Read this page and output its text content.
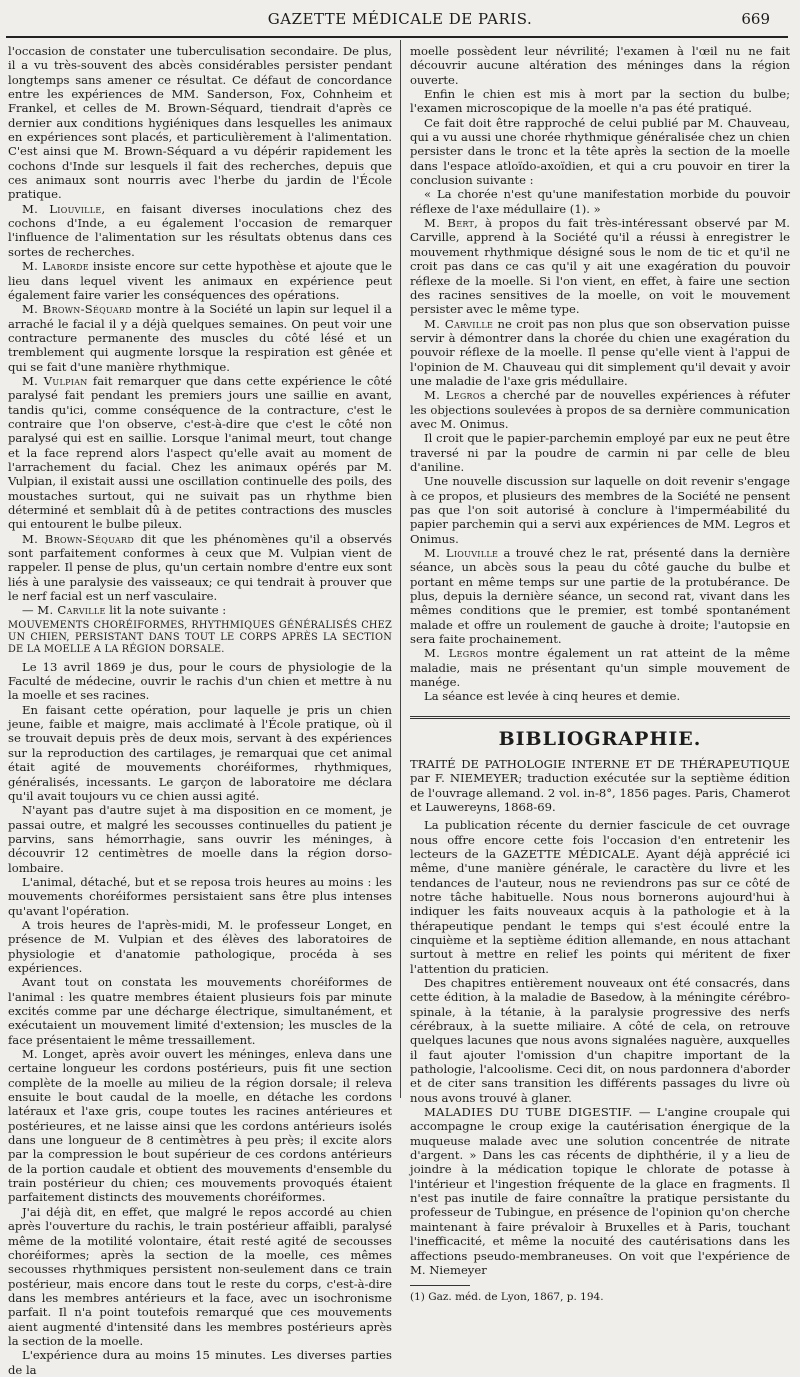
GAZETTE MÉDICALE DE PARIS.	669

l'occasion de constater une tuberculisation secondaire. De plus, il a vu très-souvent des abcès considérables persister pendant longtemps sans amener ce résultat. Ce défaut de concordance entre les expériences de MM. Sanderson, Fox, Cohnheim et Frankel, et celles de M. Brown-Séquard, tiendrait d'après ce dernier aux conditions hygiéniques dans lesquelles les animaux en expériences sont placés, et particulièrement à l'alimentation. C'est ainsi que M. Brown-Séquard a vu dépérir rapidement les cochons d'Inde sur lesquels il fait des recherches, depuis que ces animaux sont nourris avec l'herbe du jardin de l'École pratique.

M. Liouville, en faisant diverses inoculations chez des cochons d'Inde, a eu également l'occasion de remarquer l'influence de l'alimentation sur les résultats obtenus dans ces sortes de recherches.

M. Laborde insiste encore sur cette hypothèse et ajoute que le lieu dans lequel vivent les animaux en expérience peut également faire varier les conséquences des opérations.

M. Brown-Séquard montre à la Société un lapin sur lequel il a arraché le facial il y a déjà quelques semaines. On peut voir une contracture permanente des muscles du côté lésé et un tremblement qui augmente lorsque la respiration est gênée et qui se fait d'une manière rhythmique.

M. Vulpian fait remarquer que dans cette expérience le côté paralysé fait pendant les premiers jours une saillie en avant, tandis qu'ici, comme conséquence de la contracture, c'est le contraire que l'on observe, c'est-à-dire que c'est le côté non paralysé qui est en saillie. Lorsque l'animal meurt, tout change et la face reprend alors l'aspect qu'elle avait au moment de l'arrachement du facial. Chez les animaux opérés par M. Vulpian, il existait aussi une oscillation continuelle des poils, des moustaches surtout, qui ne suivait pas un rhythme bien déterminé et semblait dû à de petites contractions des muscles qui entourent le bulbe pileux.

M. Brown-Séquard dit que les phénomènes qu'il a observés sont parfaitement conformes à ceux que M. Vulpian vient de rappeler. Il pense de plus, qu'un certain nombre d'entre eux sont liés à une paralysie des vaisseaux; ce qui tendrait à prouver que le nerf facial est un nerf vasculaire.

— M. Carville lit la note suivante :

MOUVEMENTS CHORÉIFORMES, RHYTHMIQUES GÉNÉRALISÉS CHEZ UN CHIEN, PERSISTANT DANS TOUT LE CORPS APRÈS LA SECTION DE LA MOELLE A LA RÉGION DORSALE.

Le 13 avril 1869 je dus, pour le cours de physiologie de la Faculté de médecine, ouvrir le rachis d'un chien et mettre à nu la moelle et ses racines.

En faisant cette opération, pour laquelle je pris un chien jeune, faible et maigre, mais acclimaté à l'École pratique, où il se trouvait depuis près de deux mois, servant à des expériences sur la reproduction des cartilages, je remarquai que cet animal était agité de mouvements choréiformes, rhythmiques, généralisés, incessants. Le garçon de laboratoire me déclara qu'il avait toujours vu ce chien aussi agité.

N'ayant pas d'autre sujet à ma disposition en ce moment, je passai outre, et malgré les secousses continuelles du patient je parvins, sans hémorrhagie, sans ouvrir les méninges, à découvrir 12 centimètres de moelle dans la région dorso-lombaire.

L'animal, détaché, but et se reposa trois heures au moins : les mouvements choréiformes persistaient sans être plus intenses qu'avant l'opération.

A trois heures de l'après-midi, M. le professeur Longet, en présence de M. Vulpian et des élèves des laboratoires de physiologie et d'anatomie pathologique, procéda à ses expériences.

Avant tout on constata les mouvements choréiformes de l'animal : les quatre membres étaient plusieurs fois par minute excités comme par une décharge électrique, simultanément, et exécutaient un mouvement limité d'extension; les muscles de la face présentaient le même tressaillement.

M. Longet, après avoir ouvert les méninges, enleva dans une certaine longueur les cordons postérieurs, puis fit une section complète de la moelle au milieu de la région dorsale; il releva ensuite le bout caudal de la moelle, en détache les cordons latéraux et l'axe gris, coupe toutes les racines antérieures et postérieures, et ne laisse ainsi que les cordons antérieurs isolés dans une longueur de 8 centimètres à peu près; il excite alors par la compression le bout supérieur de ces cordons antérieurs de la portion caudale et obtient des mouvements d'ensemble du train postérieur du chien; ces mouvements provoqués étaient parfaitement distincts des mouvements choréiformes.

J'ai déjà dit, en effet, que malgré le repos accordé au chien après l'ouverture du rachis, le train postérieur affaibli, paralysé même de la motilité volontaire, était resté agité de secousses choréiformes; après la section de la moelle, ces mêmes secousses rhythmiques persistent non-seulement dans ce train postérieur, mais encore dans tout le reste du corps, c'est-à-dire dans les membres antérieurs et la face, avec un isochronisme parfait. Il n'a point toutefois remarqué que ces mouvements aient augmenté d'intensité dans les membres postérieurs après la section de la moelle.

L'expérience dura au moins 15 minutes. Les diverses parties de la

moelle possèdent leur névrilité; l'examen à l'œil nu ne fait découvrir aucune altération des méninges dans la région ouverte.

Enfin le chien est mis à mort par la section du bulbe; l'examen microscopique de la moelle n'a pas été pratiqué.

Ce fait doit être rapproché de celui publié par M. Chauveau, qui a vu aussi une chorée rhythmique généralisée chez un chien persister dans le tronc et la tête après la section de la moelle dans l'espace atloïdo-axoïdien, et qui a cru pouvoir en tirer la conclusion suivante :

« La chorée n'est qu'une manifestation morbide du pouvoir réflexe de l'axe médullaire (1). »

M. Bert, à propos du fait très-intéressant observé par M. Carville, apprend à la Société qu'il a réussi à enregistrer le mouvement rhythmique désigné sous le nom de tic et qu'il ne croit pas dans ce cas qu'il y ait une exagération du pouvoir réflexe de la moelle. Si l'on vient, en effet, à faire une section des racines sensitives de la moelle, on voit le mouvement persister avec le même type.

M. Carville ne croit pas non plus que son observation puisse servir à démontrer dans la chorée du chien une exagération du pouvoir réflexe de la moelle. Il pense qu'elle vient à l'appui de l'opinion de M. Chauveau qui dit simplement qu'il devait y avoir une maladie de l'axe gris médullaire.

M. Legros a cherché par de nouvelles expériences à réfuter les objections soulevées à propos de sa dernière communication avec M. Onimus.

Il croit que le papier-parchemin employé par eux ne peut être traversé ni par la poudre de carmin ni par celle de bleu d'aniline.

Une nouvelle discussion sur laquelle on doit revenir s'engage à ce propos, et plusieurs des membres de la Société ne pensent pas que l'on soit autorisé à conclure à l'imperméabilité du papier parchemin qui a servi aux expériences de MM. Legros et Onimus.

M. Liouville a trouvé chez le rat, présenté dans la dernière séance, un abcès sous la peau du côté gauche du bulbe et portant en même temps sur une partie de la protubérance. De plus, depuis la dernière séance, un second rat, vivant dans les mêmes conditions que le premier, est tombé spontanément malade et offre un roulement de gauche à droite; l'autopsie en sera faite prochainement.

M. Legros montre également un rat atteint de la même maladie, mais ne présentant qu'un simple mouvement de manége.

La séance est levée à cinq heures et demie.

BIBLIOGRAPHIE.

TRAITÉ DE PATHOLOGIE INTERNE ET DE THÉRAPEUTIQUE par F. NIEMEYER; traduction exécutée sur la septième édition de l'ouvrage allemand. 2 vol. in-8°, 1856 pages. Paris, Chamerot et Lauwereyns, 1868-69.

La publication récente du dernier fascicule de cet ouvrage nous offre encore cette fois l'occasion d'en entretenir les lecteurs de la GAZETTE MÉDICALE. Ayant déjà apprécié ici même, d'une manière générale, le caractère du livre et les tendances de l'auteur, nous ne reviendrons pas sur ce côté de notre tâche habituelle. Nous nous bornerons aujourd'hui à indiquer les faits nouveaux acquis à la pathologie et à la thérapeutique pendant le temps qui s'est écoulé entre la cinquième et la septième édition allemande, en nous attachant surtout à mettre en relief les points qui méritent de fixer l'attention du praticien.

Des chapitres entièrement nouveaux ont été consacrés, dans cette édition, à la maladie de Basedow, à la méningite cérébro-spinale, à la tétanie, à la paralysie progressive des nerfs cérébraux, à la suette miliaire. A côté de cela, on retrouve quelques lacunes que nous avons signalées naguère, auxquelles il faut ajouter l'omission d'un chapitre important de la pathologie, l'alcoolisme. Ceci dit, on nous pardonnera d'aborder et de citer sans transition les différents passages du livre où nous avons trouvé à glaner.

MALADIES DU TUBE DIGESTIF. — L'angine croupale qui accompagne le croup exige la cautérisation énergique de la muqueuse malade avec une solution concentrée de nitrate d'argent. » Dans les cas récents de diphthérie, il y a lieu de joindre à la médication topique le chlorate de potasse à l'intérieur et l'ingestion fréquente de la glace en fragments. Il n'est pas inutile de faire connaître la pratique persistante du professeur de Tubingue, en présence de l'opinion qu'on cherche maintenant à faire prévaloir à Bruxelles et à Paris, touchant l'inefficacité, et même la nocuité des cautérisations dans les affections pseudo-membraneuses. On voit que l'expérience de M. Niemeyer

(1) Gaz. méd. de Lyon, 1867, p. 194.
